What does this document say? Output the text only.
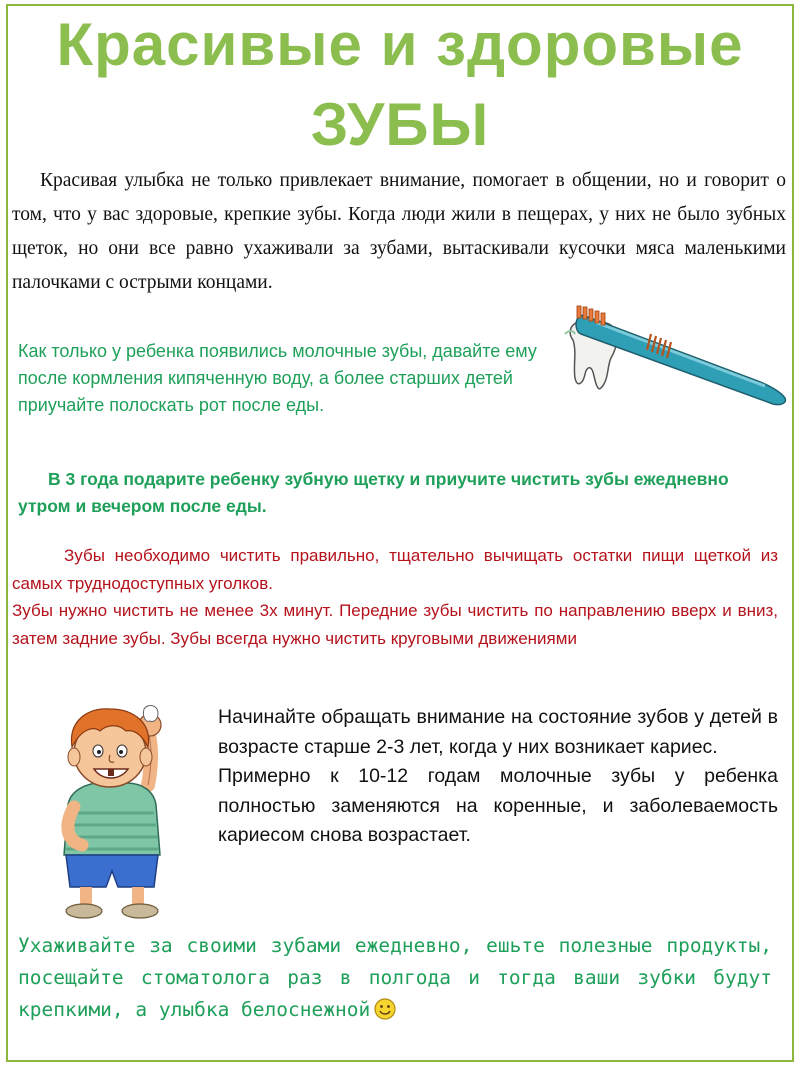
Красивые и здоровые
ЗУБЫ

Красивая улыбка не только привлекает внимание, помогает в общении, но и говорит о том, что у вас здоровые, крепкие зубы. Когда люди жили в пещерах, у них не было зубных щеток, но они все равно ухаживали за зубами, вытаскивали кусочки мяса маленькими палочками с острыми концами.

Как только у ребенка появились молочные зубы, давайте ему после кормления кипяченную воду, а более старших детей приучайте полоскать рот после еды.

В 3 года подарите ребенку зубную щетку и приучите чистить зубы ежедневно утром и вечером после еды.

Зубы необходимо чистить правильно, тщательно вычищать остатки пищи щеткой из самых труднодоступных уголков.
Зубы нужно чистить не менее 3х минут. Передние зубы чистить по направлению вверх и вниз, затем задние зубы. Зубы всегда нужно чистить круговыми движениями
Начинайте обращать внимание на состояние зубов у детей в возрасте старше 2-3 лет, когда у них возникает кариес.
Примерно к 10-12 годам молочные зубы у ребенка полностью заменяются на коренные, и заболеваемость кариесом снова возрастает.

Ухаживайте за своими зубами ежедневно, ешьте полезные продукты, посещайте стоматолога раз в полгода и тогда ваши зубки будут крепкими, а улыбка белоснежной
